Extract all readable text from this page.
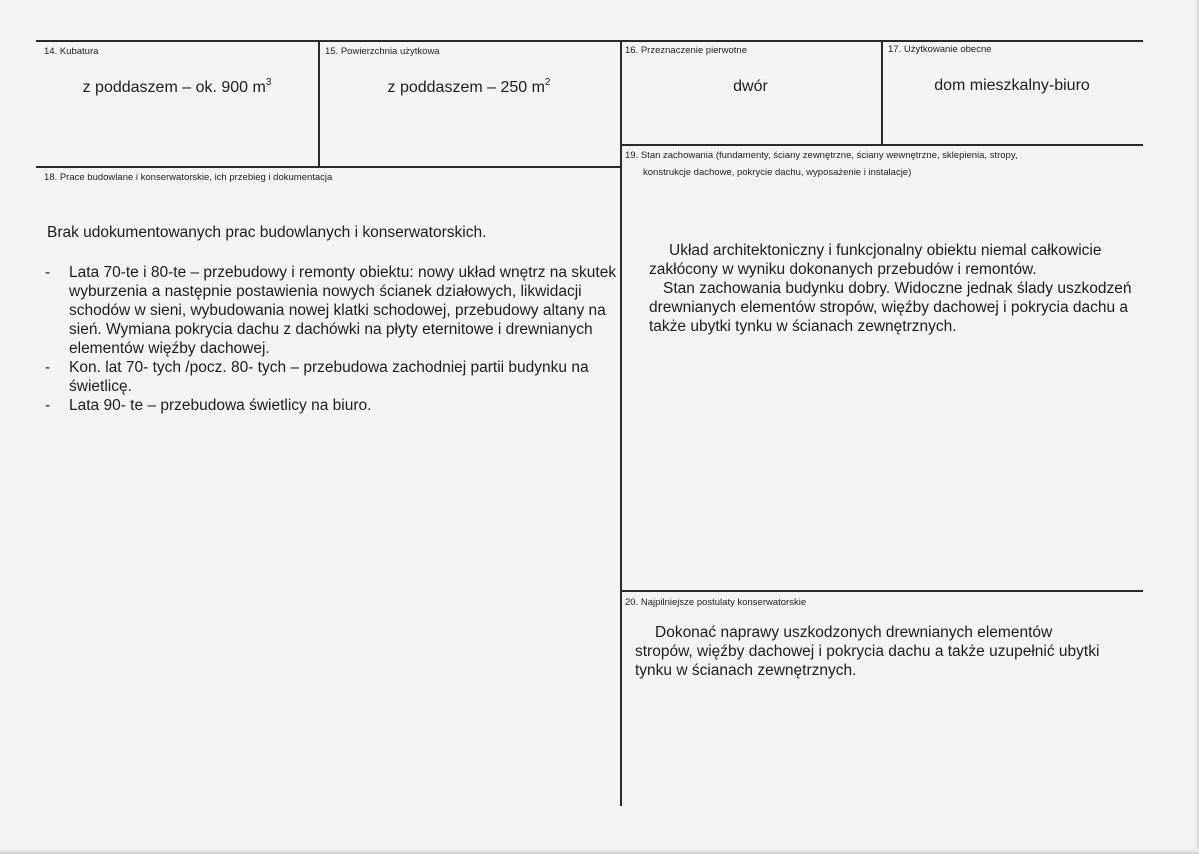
14. Kubatura
z poddaszem – ok. 900 $m^3$
15. Powierzchnia użytkowa
z poddaszem – 250 $m^2$
16. Przeznaczenie pierwotne
dwór
17. Użytkowanie obecne
dom mieszkalny-biuro
18. Prace budowlane i konserwatorskie, ich przebieg i dokumentacja
Brak udokumentowanych prac budowlanych i konserwatorskich.
- Lata 70-te i 80-te – przebudowy i remonty obiektu: nowy układ wnętrz na skutek wyburzenia a następnie postawienia nowych ścianek działowych, likwidacji schodów w sieni, wybudowania nowej klatki schodowej, przebudowy altany na sień. Wymiana pokrycia dachu z dachówki na płyty eternitowe i drewnianych elementów więźby dachowej.
- Kon. lat 70- tych /pocz. 80- tych – przebudowa zachodniej partii budynku na świetlicę.
- Lata 90- te – przebudowa świetlicy na biuro.
19. Stan zachowania (fundamenty, ściany zewnętrzne, ściany wewnętrzne, sklepienia, stropy,
konstrukcje dachowe, pokrycie dachu, wyposażenie i instalacje)

Układ architektoniczny i funkcjonalny obiektu niemal całkowicie zakłócony w wyniku dokonanych przebudów i remontów.

Stan zachowania budynku dobry. Widoczne jednak ślady uszkodzeń drewnianych elementów stropów, więźby dachowej i pokrycia dachu a także ubytki tynku w ścianach zewnętrznych.

20. Najpilniejsze postulaty konserwatorskie
Dokonać naprawy uszkodzonych drewnianych elementów stropów, więźby dachowej i pokrycia dachu a także uzupełnić ubytki tynku w ścianach zewnętrznych.
